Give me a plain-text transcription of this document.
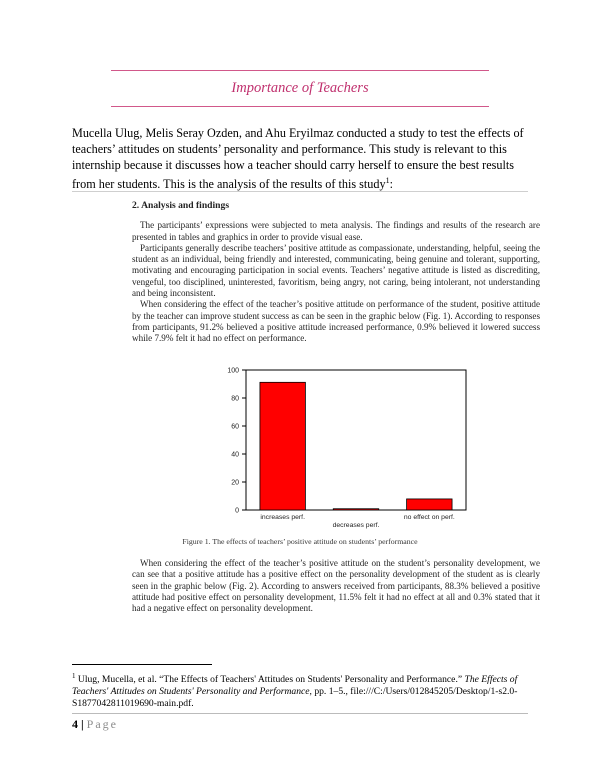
Importance of Teachers

Mucella Ulug, Melis Seray Ozden, and Ahu Eryilmaz conducted a study to test the effects of teachers’ attitudes on students’ personality and performance. This study is relevant to this internship because it discusses how a teacher should carry herself to ensure the best results from her students. This is the analysis of the results of this study$^1$:

2. Analysis and findings

The participants’ expressions were subjected to meta analysis. The findings and results of the research are presented in tables and graphics in order to provide visual ease.

Participants generally describe teachers’ positive attitude as compassionate, understanding, helpful, seeing the student as an individual, being friendly and interested, communicating, being genuine and tolerant, supporting, motivating and encouraging participation in social events. Teachers’ negative attitude is listed as discrediting, vengeful, too disciplined, uninterested, favoritism, being angry, not caring, being intolerant, not understanding and being inconsistent.

When considering the effect of the teacher’s positive attitude on performance of the student, positive attitude by the teacher can improve student success as can be seen in the graphic below (Fig. 1). According to responses from participants, 91.2% believed a positive attitude increased performance, 0.9% believed it lowered success while 7.9% felt it had no effect on performance.

0
20
40
60
80
100
increases perf.
decreases perf.
no effect on perf.
Figure 1. The effects of teachers’ positive attitude on students’ performance

When considering the effect of the teacher’s positive attitude on the student’s personality development, we can see that a positive attitude has a positive effect on the personality development of the student as is clearly seen in the graphic below (Fig. 2). According to answers received from participants, 88.3% believed a positive attitude had positive effect on personality development, 11.5% felt it had no effect at all and 0.3% stated that it had a negative effect on personality development.

$^1$ Ulug, Mucella, et al. “The Effects of Teachers' Attitudes on Students' Personality and Performance.” The Effects of Teachers' Attitudes on Students' Personality and Performance, pp. 1–5., file:///C:/Users/012845205/Desktop/1-s2.0-S1877042811019690-main.pdf.

4 | Page
